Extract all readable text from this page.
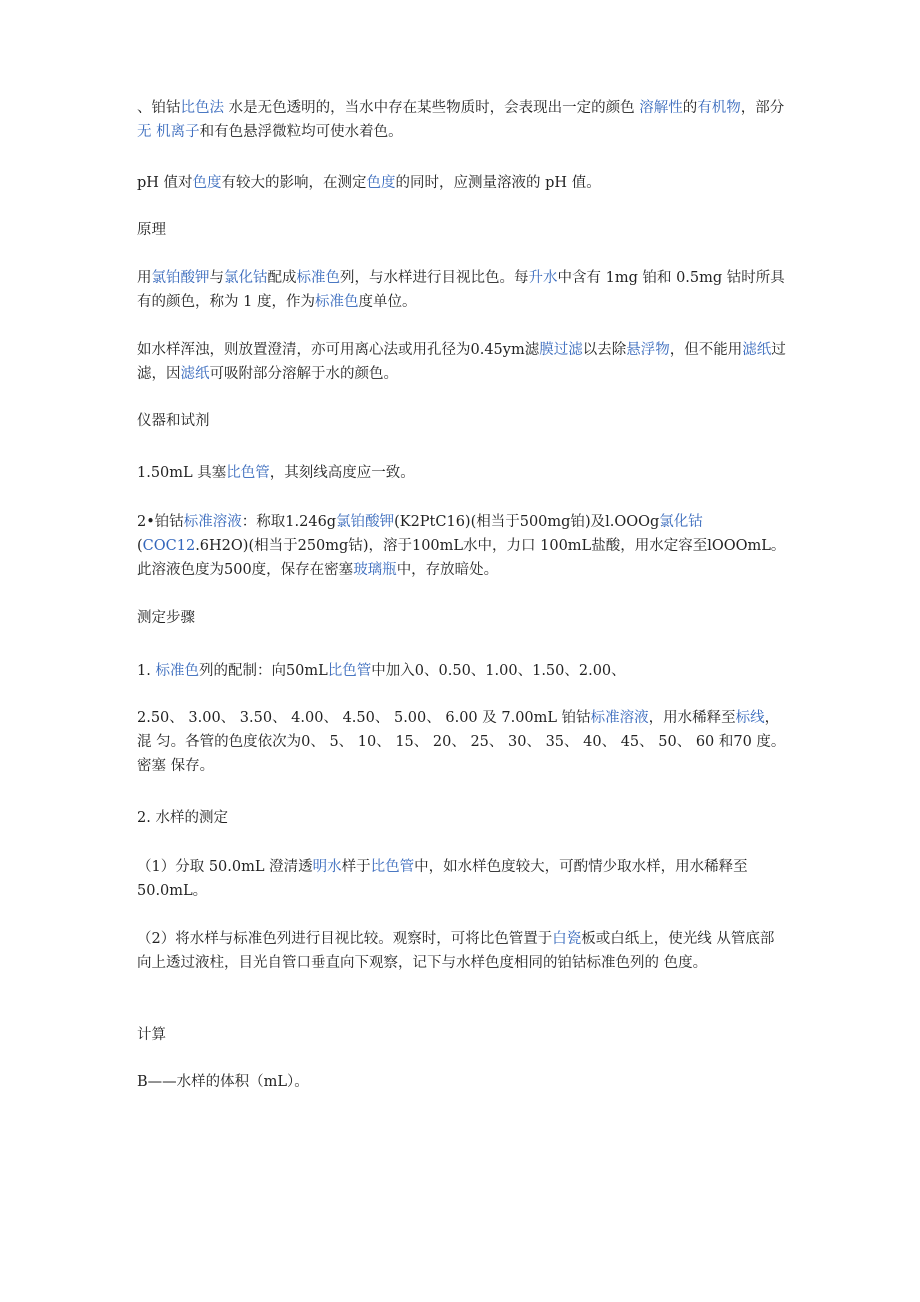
、铂钴比色法 水是无色透明的，当水中存在某些物质时，会表现出一定的颜色 溶解性的有机物，部分无 机离子和有色悬浮微粒均可使水着色。

pH 值对色度有较大的影响，在测定色度的同时，应测量溶液的 pH 值。

原理

用氯铂酸钾与氯化钴配成标准色列，与水样进行目视比色。每升水中含有 1mg 铂和 0.5mg 钴时所具有的颜色，称为 1 度，作为标准色度单位。

如水样浑浊，则放置澄清，亦可用离心法或用孔径为0.45ym滤膜过滤以去除悬浮物，但不能用滤纸过滤，因滤纸可吸附部分溶解于水的颜色。

仪器和试剂

1.50mL 具塞比色管，其刻线高度应一致。

2•铂钴标准溶液：称取1.246g氯铂酸钾(K2PtC16)(相当于500mg铂)及l.OOOg氯化钴(COC12.6H2O)(相当于250mg钴)，溶于100mL水中，力口 100mL盐酸，用水定容至lOOOmL。此溶液色度为500度，保存在密塞玻璃瓶中，存放暗处。

测定步骤

1. 标准色列的配制：向50mL比色管中加入0、0.50、1.00、1.50、2.00、

2.50、 3.00、 3.50、 4.00、 4.50、 5.00、 6.00 及 7.00mL 铂钴标准溶液，用水稀释至标线，混 匀。各管的色度依次为0、 5、 10、 15、 20、 25、 30、 35、 40、 45、 50、 60 和70 度。密塞 保存。

2. 水样的测定

（1）分取 50.0mL 澄清透明水样于比色管中，如水样色度较大，可酌情少取水样，用水稀释至 50.0mL。

（2）将水样与标准色列进行目视比较。观察时，可将比色管置于白瓷板或白纸上，使光线 从管底部向上透过液柱，目光自管口垂直向下观察，记下与水样色度相同的铂钴标准色列的 色度。

计算

B——水样的体积（mL）。
